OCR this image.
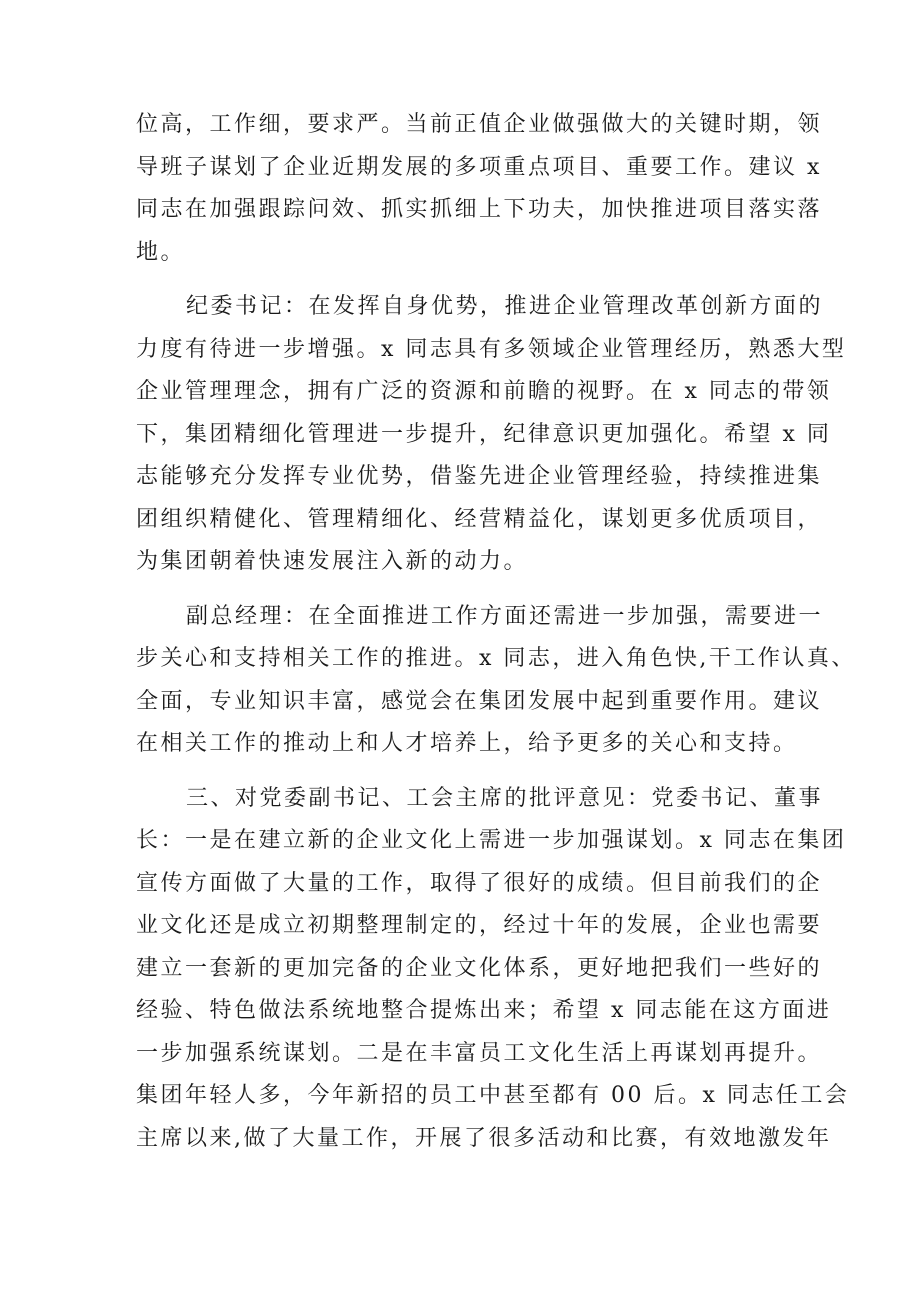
位高，工作细，要求严。当前正值企业做强做大的关键时期，领
导班子谋划了企业近期发展的多项重点项目、重要工作。建议 x
同志在加强跟踪问效、抓实抓细上下功夫，加快推进项目落实落
地。
纪委书记：在发挥自身优势，推进企业管理改革创新方面的
力度有待进一步增强。x 同志具有多领域企业管理经历，熟悉大型
企业管理理念，拥有广泛的资源和前瞻的视野。在 x 同志的带领
下，集团精细化管理进一步提升，纪律意识更加强化。希望 x 同
志能够充分发挥专业优势，借鉴先进企业管理经验，持续推进集
团组织精健化、管理精细化、经营精益化，谋划更多优质项目，
为集团朝着快速发展注入新的动力。
副总经理：在全面推进工作方面还需进一步加强，需要进一
步关心和支持相关工作的推进。x 同志，进入角色快,干工作认真、
全面，专业知识丰富，感觉会在集团发展中起到重要作用。建议
在相关工作的推动上和人才培养上，给予更多的关心和支持。
三、对党委副书记、工会主席的批评意见：党委书记、董事
长：一是在建立新的企业文化上需进一步加强谋划。x 同志在集团
宣传方面做了大量的工作，取得了很好的成绩。但目前我们的企
业文化还是成立初期整理制定的，经过十年的发展，企业也需要
建立一套新的更加完备的企业文化体系，更好地把我们一些好的
经验、特色做法系统地整合提炼出来；希望 x 同志能在这方面进
一步加强系统谋划。二是在丰富员工文化生活上再谋划再提升。
集团年轻人多，今年新招的员工中甚至都有 00 后。x 同志任工会
主席以来,做了大量工作，开展了很多活动和比赛，有效地激发年
